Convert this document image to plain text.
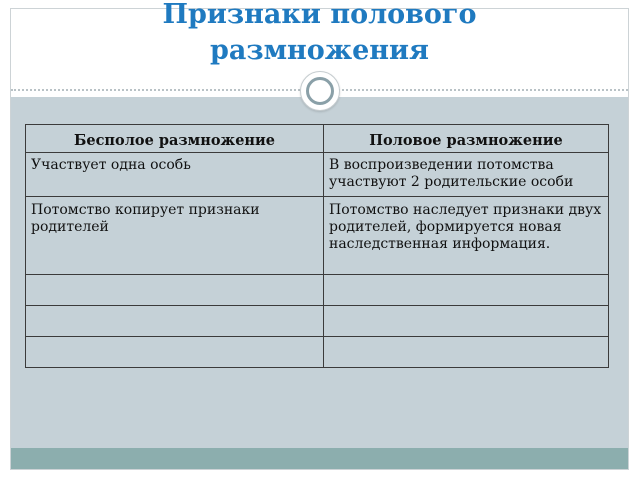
Признаки полового
размножения
Бесполое размножение	Половое размножение
Участвует одна особь	В воспроизведении потомства участвуют 2 родительские особи
Потомство копирует признаки родителей	Потомство наследует признаки двух родителей, формируется новая наследственная информация.
